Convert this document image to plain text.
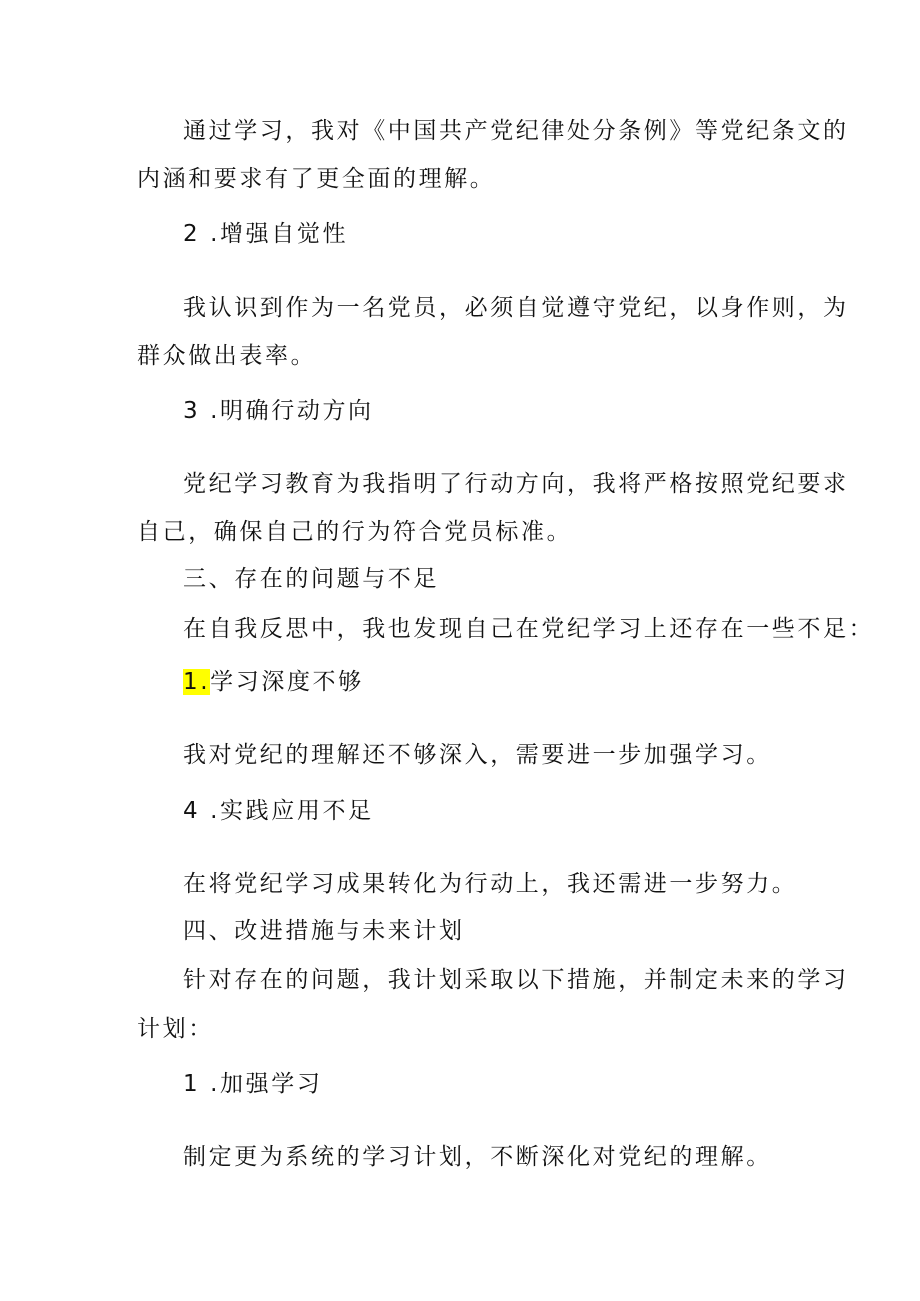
通过学习，我对《中国共产党纪律处分条例》等党纪条文的
内涵和要求有了更全面的理解。
2 .增强自觉性
我认识到作为一名党员，必须自觉遵守党纪，以身作则，为
群众做出表率。
3 .明确行动方向
党纪学习教育为我指明了行动方向，我将严格按照党纪要求
自己，确保自己的行为符合党员标准。
三、存在的问题与不足
在自我反思中，我也发现自己在党纪学习上还存在一些不足：
1.学习深度不够
我对党纪的理解还不够深入，需要进一步加强学习。
4 .实践应用不足
在将党纪学习成果转化为行动上，我还需进一步努力。
四、改进措施与未来计划
针对存在的问题，我计划采取以下措施，并制定未来的学习
计划：
1 .加强学习
制定更为系统的学习计划，不断深化对党纪的理解。
